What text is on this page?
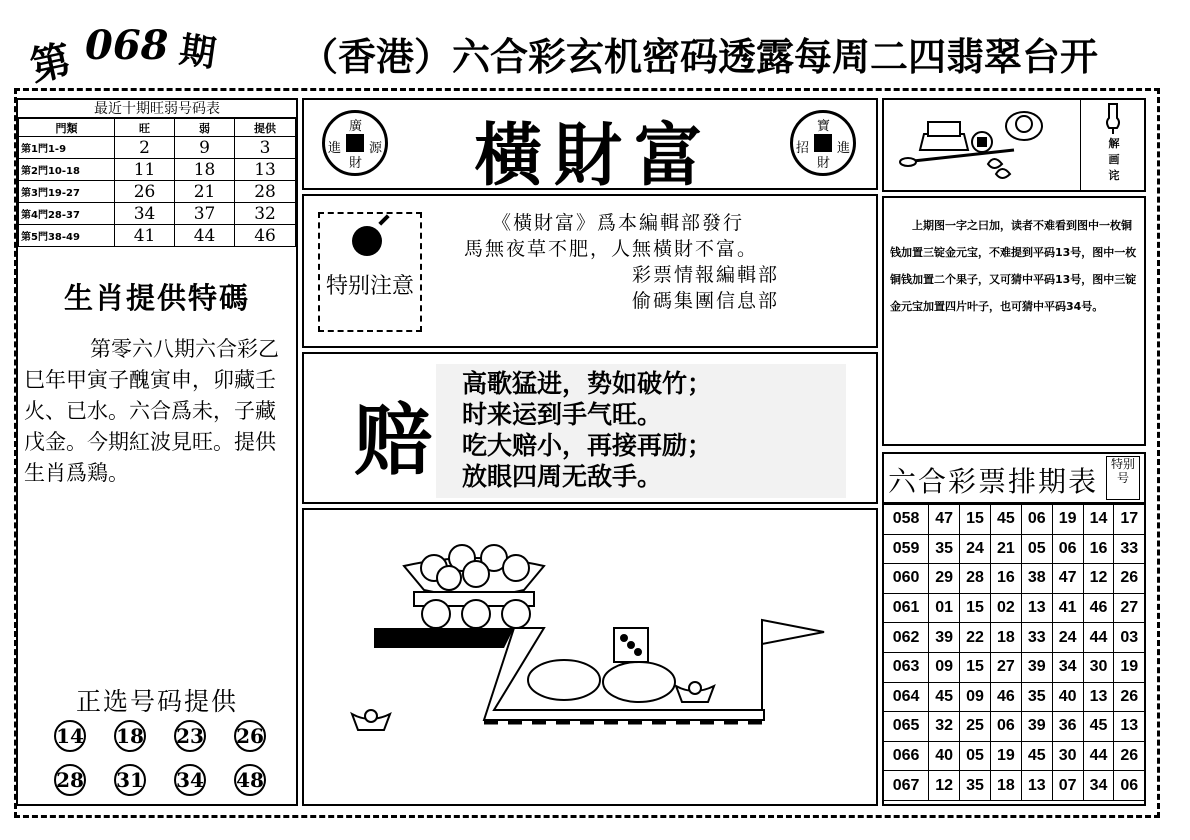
第 068 期 （香港）六合彩玄机密码透露每周二四翡翠台开
最近十期旺弱号码表
門類	旺	弱	提供
第1門1-9	2	9	3
第2門10-18	11	18	13
第3門19-27	26	21	28
第4門28-37	34	37	32
第5門38-49	41	44	46
生肖提供特碼
第零六八期六合彩乙巳年甲寅子醜寅申，卯藏壬火、已水。六合爲未，子藏戊金。今期紅波見旺。提供生肖爲鶏。
正选号码提供
14 18 23 26
28 31 34 48
廣
進 源
財	橫財富	寶
招 進
財
特别注意
《橫財富》爲本編輯部發行
馬無夜草不肥，人無橫財不富。
彩票情報編輯部
偷碼集團信息部
赔
高歌猛进，势如破竹；
时来运到手气旺。
吃大赔小，再接再励；
放眼四周无敌手。
解画诧
上期图一字之曰加，读者不难看到图中一枚铜钱加置三锭金元宝，不难提到平码13号，图中一枚铜钱加置二个果子，又可猜中平码13号，图中三锭金元宝加置四片叶子，也可猜中平码34号。
六合彩票排期表
特别号
058	47	15	45	06	19	14	17
059	35	24	21	05	06	16	33
060	29	28	16	38	47	12	26
061	01	15	02	13	41	46	27
062	39	22	18	33	24	44	03
063	09	15	27	39	34	30	19
064	45	09	46	35	40	13	26
065	32	25	06	39	36	45	13
066	40	05	19	45	30	44	26
067	12	35	18	13	07	34	06
